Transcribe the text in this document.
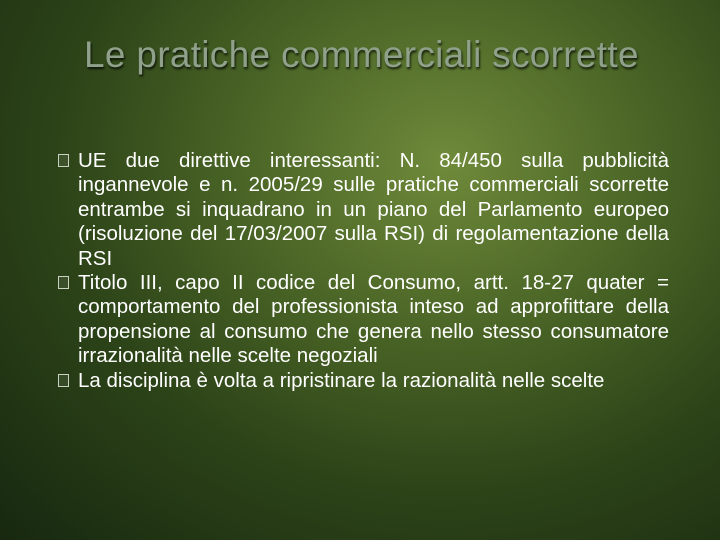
Le pratiche commerciali scorrette
UE due direttive interessanti: N. 84/450 sulla pubblicità ingannevole e n. 2005/29 sulle pratiche commerciali scorrette entrambe si inquadrano in un piano del Parlamento europeo (risoluzione del 17/03/2007 sulla RSI) di regolamentazione della RSI
Titolo III, capo II codice del Consumo, artt. 18-27 quater = comportamento del professionista inteso ad approfittare della propensione al consumo che genera nello stesso consumatore irrazionalità nelle scelte negoziali
La disciplina è volta a ripristinare la razionalità nelle scelte
